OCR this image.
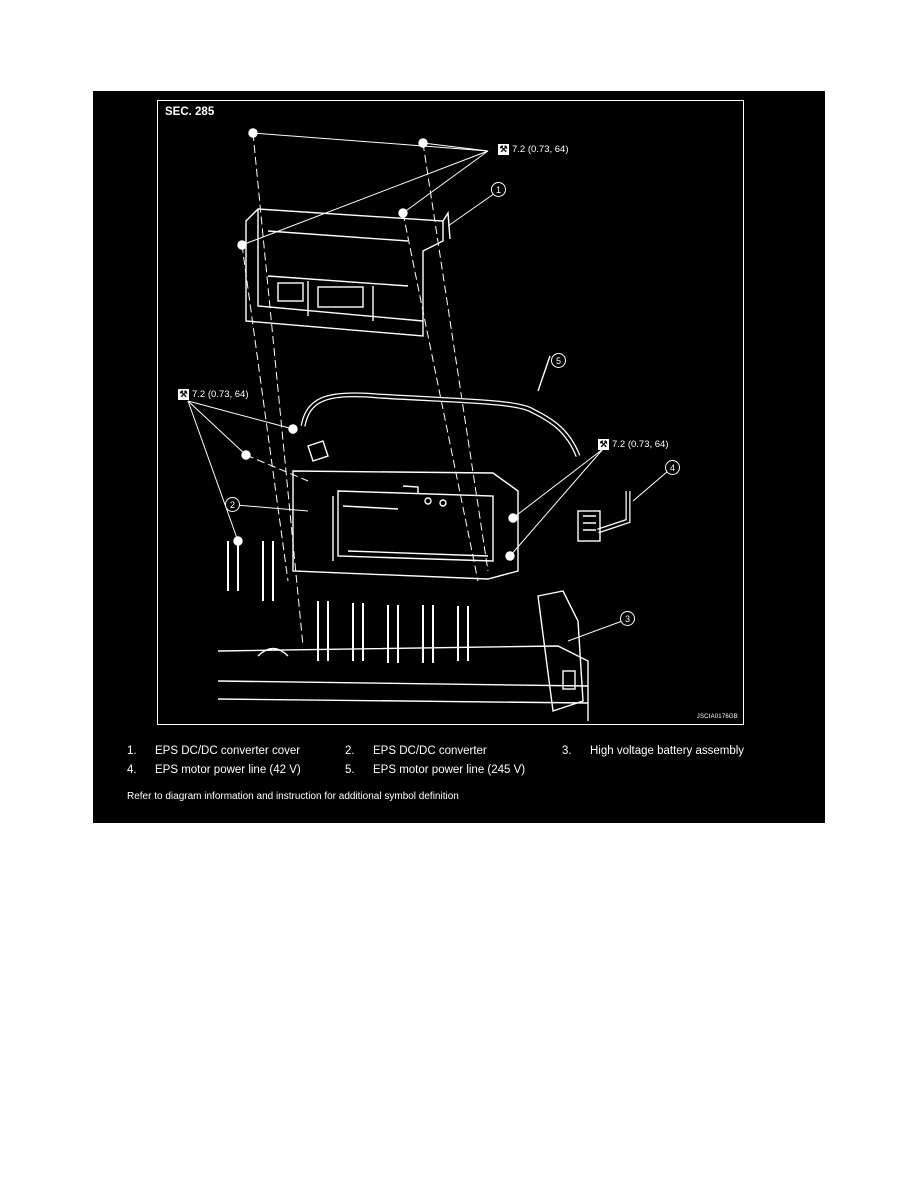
SEC. 285
⚒ 7.2 (0.73, 64)
⚒ 7.2 (0.73, 64)
⚒ 7.2 (0.73, 64)
1
2
3
4
5
JSCIA0176GB
1. EPS DC/DC converter cover	2. EPS DC/DC converter	3. High voltage battery assembly
4. EPS motor power line (42 V)	5. EPS motor power line (245 V)
Refer to diagram information and instruction for additional symbol definition
